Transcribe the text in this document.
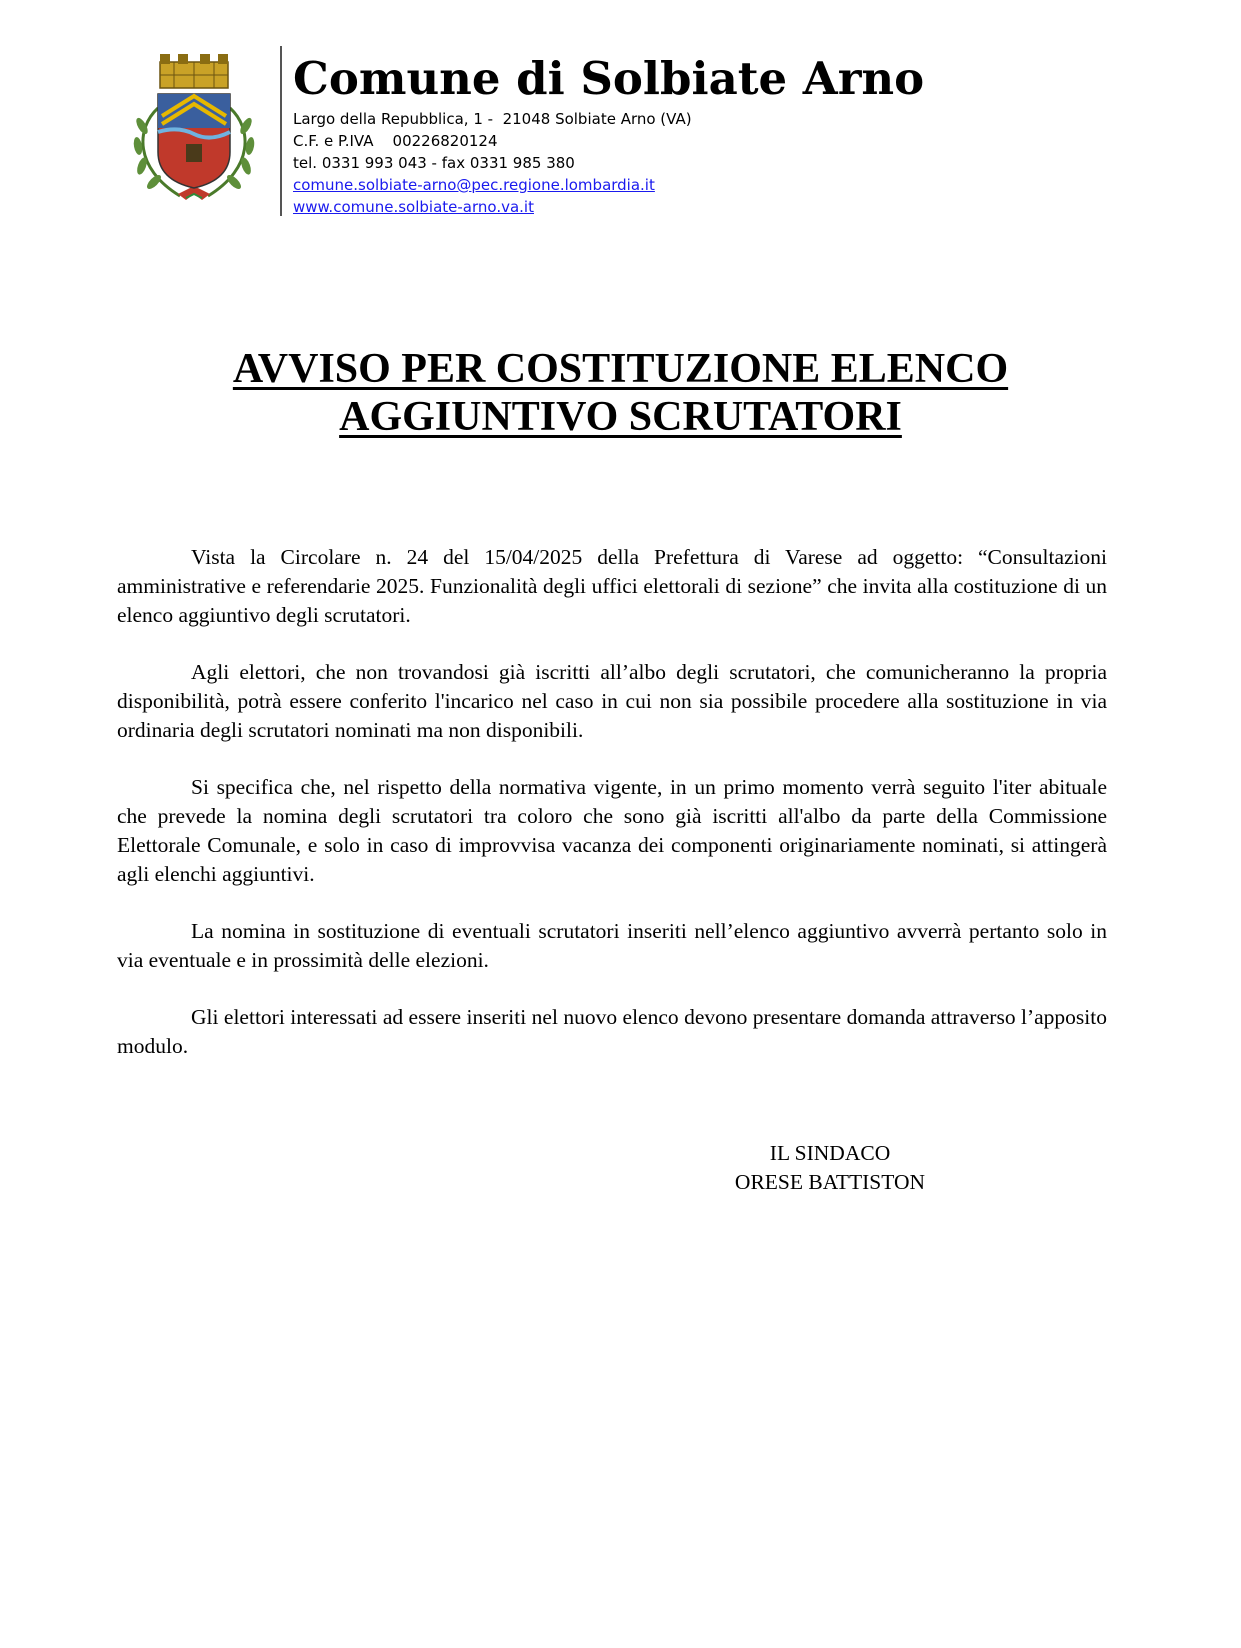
Comune di Solbiate Arno

Largo della Repubblica, 1 -  21048 Solbiate Arno (VA)

C.F. e P.IVA    00226820124

tel. 0331 993 043 - fax 0331 985 380

comune.solbiate-arno@pec.regione.lombardia.it

www.comune.solbiate-arno.va.it

AVVISO PER COSTITUZIONE ELENCO
AGGIUNTIVO SCRUTATORI

Vista la Circolare n. 24 del 15/04/2025 della Prefettura di Varese ad oggetto: “Consultazioni amministrative e referendarie 2025. Funzionalità degli uffici elettorali di sezione” che invita alla costituzione di un elenco aggiuntivo degli scrutatori.

Agli elettori, che non trovandosi già iscritti all’albo degli scrutatori, che comunicheranno la propria disponibilità, potrà essere conferito l'incarico nel caso in cui non sia possibile procedere alla sostituzione in via ordinaria degli scrutatori nominati ma non disponibili.

Si specifica che, nel rispetto della normativa vigente, in un primo momento verrà seguito l'iter abituale che prevede la nomina degli scrutatori tra coloro che sono già iscritti all'albo da parte della Commissione Elettorale Comunale, e solo in caso di improvvisa vacanza dei componenti originariamente nominati, si attingerà agli elenchi aggiuntivi.

La nomina in sostituzione di eventuali scrutatori inseriti nell’elenco aggiuntivo avverrà pertanto solo in via eventuale e in prossimità delle elezioni.

Gli elettori interessati ad essere inseriti nel nuovo elenco devono presentare domanda attraverso l’apposito modulo.

IL SINDACO
ORESE BATTISTON
